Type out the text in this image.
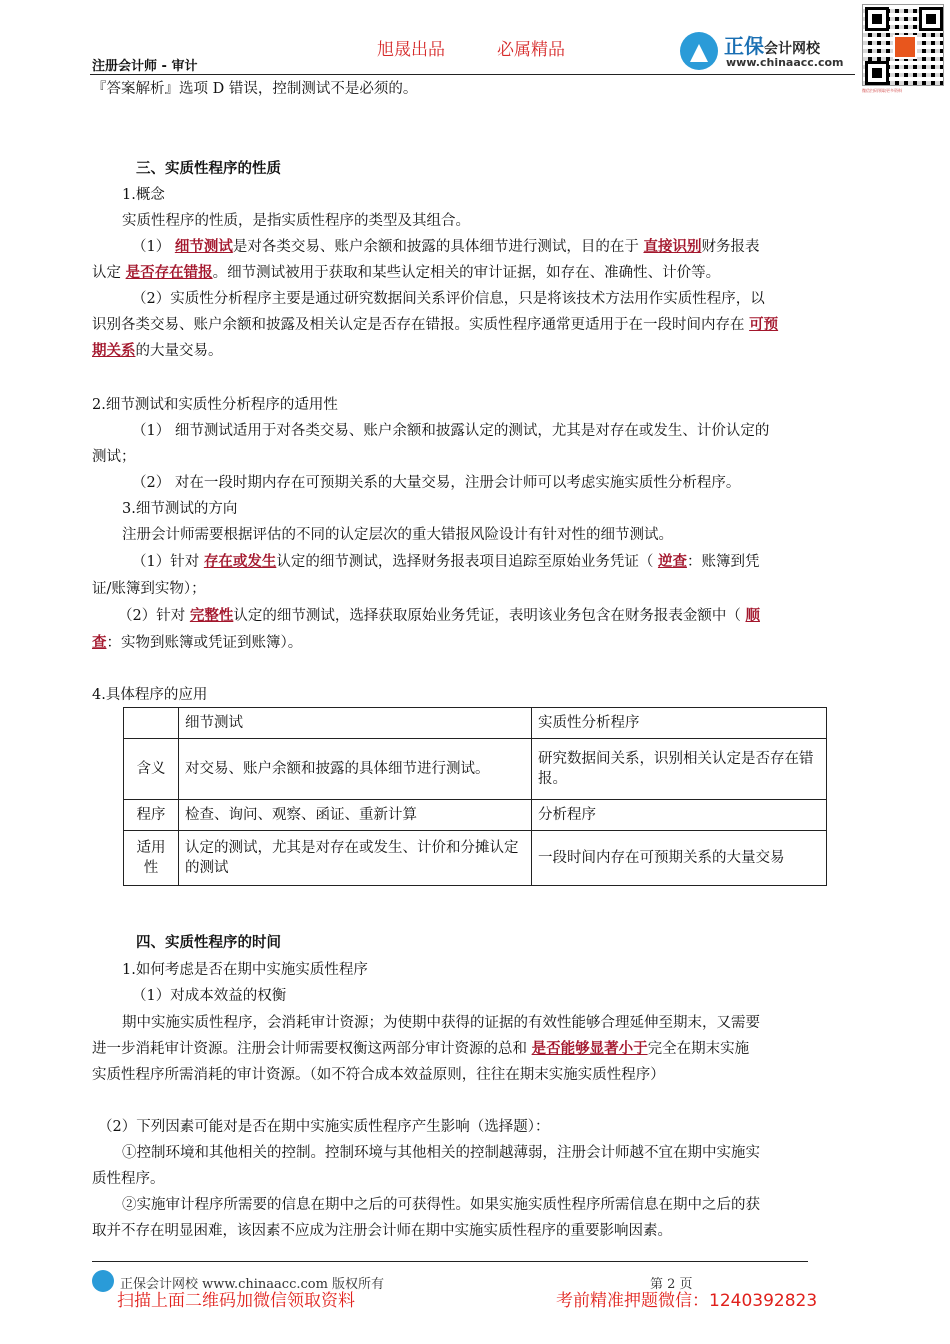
旭晟出品	必属精品
注册会计师 - 审计
正保会计网校
www.chinaacc.com
微信扫码领取更多资料
『答案解析』选项 D 错误，控制测试不是必须的。
三、实质性程序的性质
1.概念
实质性程序的性质，是指实质性程序的类型及其组合。
（1） 细节测试是对各类交易、账户余额和披露的具体细节进行测试，目的在于 直接识别财务报表
认定 是否存在错报。细节测试被用于获取和某些认定相关的审计证据，如存在、准确性、计价等。
（2）实质性分析程序主要是通过研究数据间关系评价信息，只是将该技术方法用作实质性程序，以
识别各类交易、账户余额和披露及相关认定是否存在错报。实质性程序通常更适用于在一段时间内存在 可预
期关系的大量交易。
2.细节测试和实质性分析程序的适用性
（1） 细节测试适用于对各类交易、账户余额和披露认定的测试，尤其是对存在或发生、计价认定的
测试；
（2） 对在一段时期内存在可预期关系的大量交易，注册会计师可以考虑实施实质性分析程序。
3.细节测试的方向
注册会计师需要根据评估的不同的认定层次的重大错报风险设计有针对性的细节测试。
（1）针对 存在或发生认定的细节测试，选择财务报表项目追踪至原始业务凭证（ 逆查：账簿到凭
证/账簿到实物）；
（2）针对 完整性认定的细节测试，选择获取原始业务凭证，表明该业务包含在财务报表金额中（ 顺
查：实物到账簿或凭证到账簿）。
4.具体程序的应用
	细节测试	实质性分析程序
含义	对交易、账户余额和披露的具体细节进行测试。	研究数据间关系，识别相关认定是否存在错报。
程序	检查、询问、观察、函证、重新计算	分析程序
适用性	认定的测试，尤其是对存在或发生、计价和分摊认定的测试	一段时间内存在可预期关系的大量交易
四、实质性程序的时间
1.如何考虑是否在期中实施实质性程序
（1）对成本效益的权衡
期中实施实质性程序，会消耗审计资源；为使期中获得的证据的有效性能够合理延伸至期末，又需要
进一步消耗审计资源。注册会计师需要权衡这两部分审计资源的总和 是否能够显著小于完全在期末实施
实质性程序所需消耗的审计资源。（如不符合成本效益原则，往往在期末实施实质性程序）
（2）下列因素可能对是否在期中实施实质性程序产生影响（选择题）：
①控制环境和其他相关的控制。控制环境与其他相关的控制越薄弱，注册会计师越不宜在期中实施实
质性程序。
②实施审计程序所需要的信息在期中之后的可获得性。如果实施实质性程序所需信息在期中之后的获
取并不存在明显困难，该因素不应成为注册会计师在期中实施实质性程序的重要影响因素。
正保会计网校 www.chinaacc.com 版权所有	第 2 页
扫描上面二维码加微信领取资料	考前精准押题微信：1240392823
